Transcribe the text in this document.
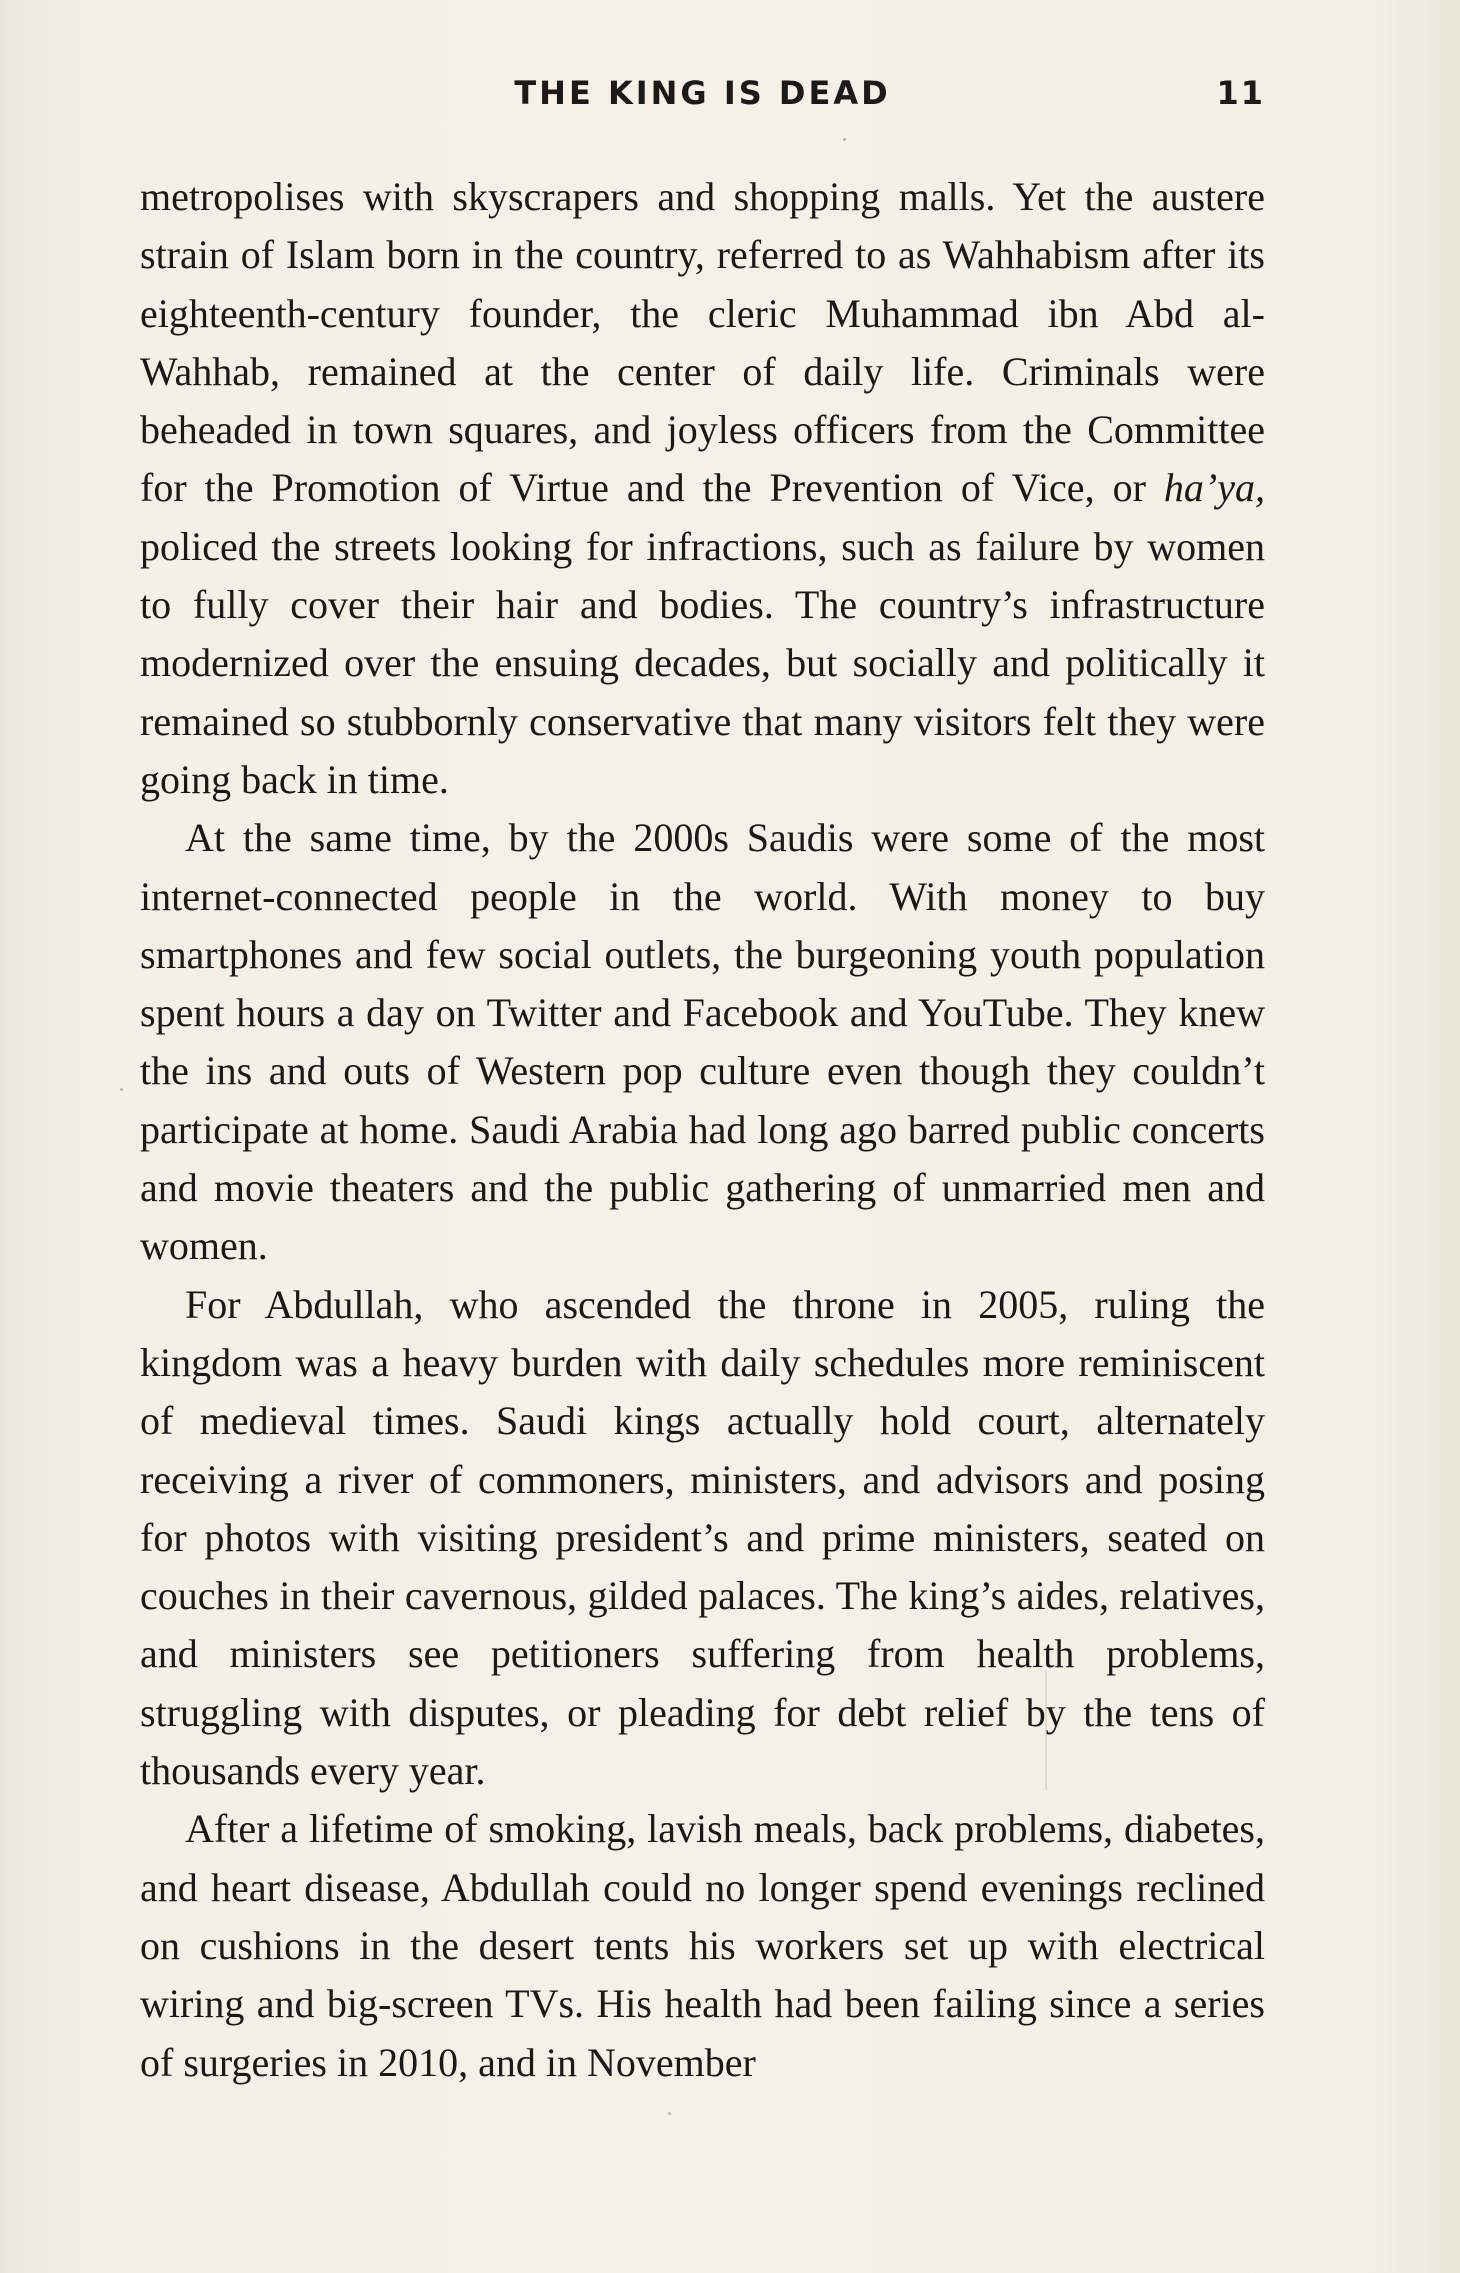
THE KING IS DEAD	11

metropolises with skyscrapers and shopping malls. Yet the austere strain of Islam born in the country, referred to as Wahhabism after its eighteenth-century founder, the cleric Muhammad ibn Abd al-Wahhab, remained at the center of daily life. Criminals were beheaded in town squares, and joyless officers from the Committee for the Promotion of Virtue and the Prevention of Vice, or ha’ya, policed the streets looking for infractions, such as failure by women to fully cover their hair and bodies. The country’s infrastructure modernized over the ensuing decades, but socially and politically it remained so stubbornly conservative that many visitors felt they were going back in time.

At the same time, by the 2000s Saudis were some of the most internet-connected people in the world. With money to buy smartphones and few social outlets, the burgeoning youth population spent hours a day on Twitter and Facebook and YouTube. They knew the ins and outs of Western pop culture even though they couldn’t participate at home. Saudi Arabia had long ago barred public concerts and movie theaters and the public gathering of unmarried men and women.

For Abdullah, who ascended the throne in 2005, ruling the kingdom was a heavy burden with daily schedules more reminiscent of medieval times. Saudi kings actually hold court, alternately receiving a river of commoners, ministers, and advisors and posing for photos with visiting president’s and prime ministers, seated on couches in their cavernous, gilded palaces. The king’s aides, relatives, and ministers see petitioners suffering from health problems, struggling with disputes, or pleading for debt relief by the tens of thousands every year.

After a lifetime of smoking, lavish meals, back problems, diabetes, and heart disease, Abdullah could no longer spend evenings reclined on cushions in the desert tents his workers set up with electrical wiring and big-screen TVs. His health had been failing since a series of surgeries in 2010, and in November
